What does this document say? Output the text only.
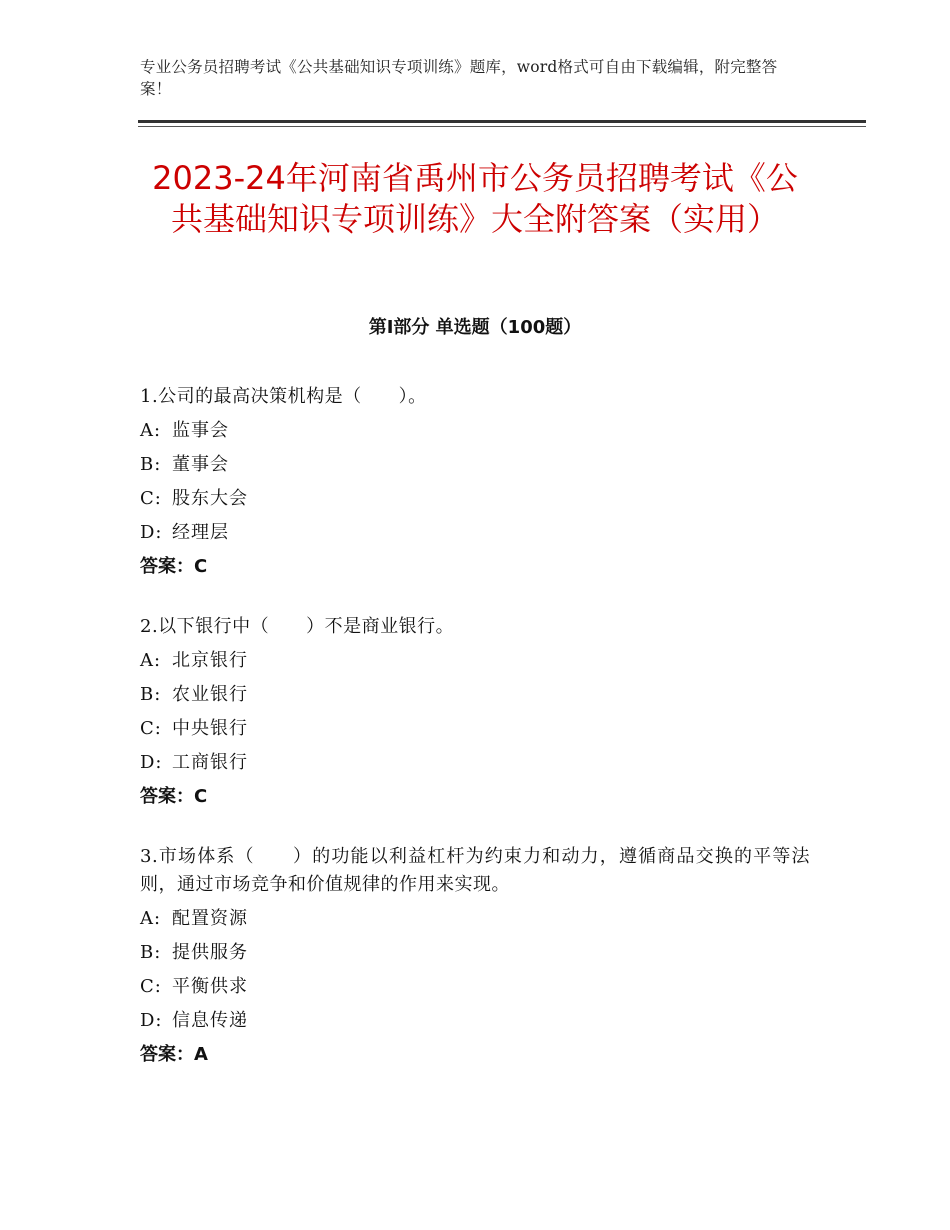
专业公务员招聘考试《公共基础知识专项训练》题库，word格式可自由下载编辑，附完整答案！
2023-24年河南省禹州市公务员招聘考试《公共基础知识专项训练》大全附答案（实用）
第Ⅰ部分 单选题（100题）

1.公司的最高决策机构是（　　）。

A: 监事会
B: 董事会
C: 股东大会
D: 经理层
答案：C

2.以下银行中（　　）不是商业银行。

A: 北京银行
B: 农业银行
C: 中央银行
D: 工商银行
答案：C

3.市场体系（　　）的功能以利益杠杆为约束力和动力，遵循商品交换的平等法则，通过市场竞争和价值规律的作用来实现。

A: 配置资源
B: 提供服务
C: 平衡供求
D: 信息传递
答案：A
